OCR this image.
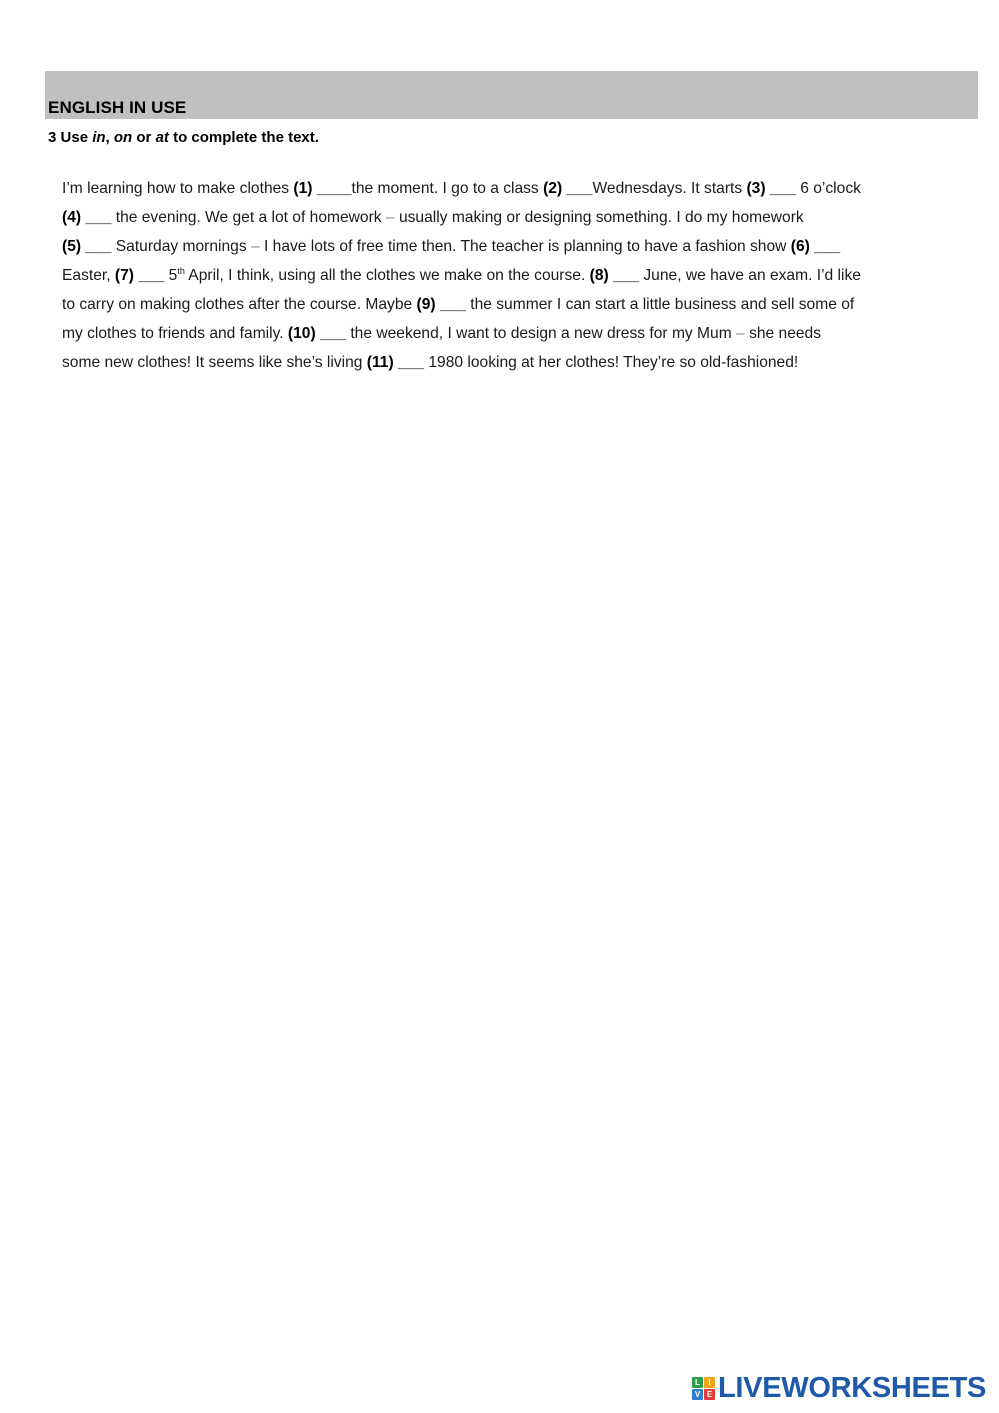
ENGLISH IN USE
3 Use in, on or at to complete the text.
I’m learning how to make clothes (1) ____the moment. I go to a class (2) ___Wednesdays. It starts (3) ___ 6 o’clock
(4) ___ the evening. We get a lot of homework – usually making or designing something. I do my homework
(5) ___ Saturday mornings – I have lots of free time then. The teacher is planning to have a fashion show (6) ___
Easter, (7) ___ 5th April, I think, using all the clothes we make on the course. (8) ___ June, we have an exam. I’d like
to carry on making clothes after the course. Maybe (9) ___ the summer I can start a little business and sell some of
my clothes to friends and family. (10) ___ the weekend, I want to design a new dress for my Mum – she needs
some new clothes! It seems like she’s living (11) ___ 1980 looking at her clothes! They’re so old-fashioned!
L	I
V E LIVEWORKSHEETS
